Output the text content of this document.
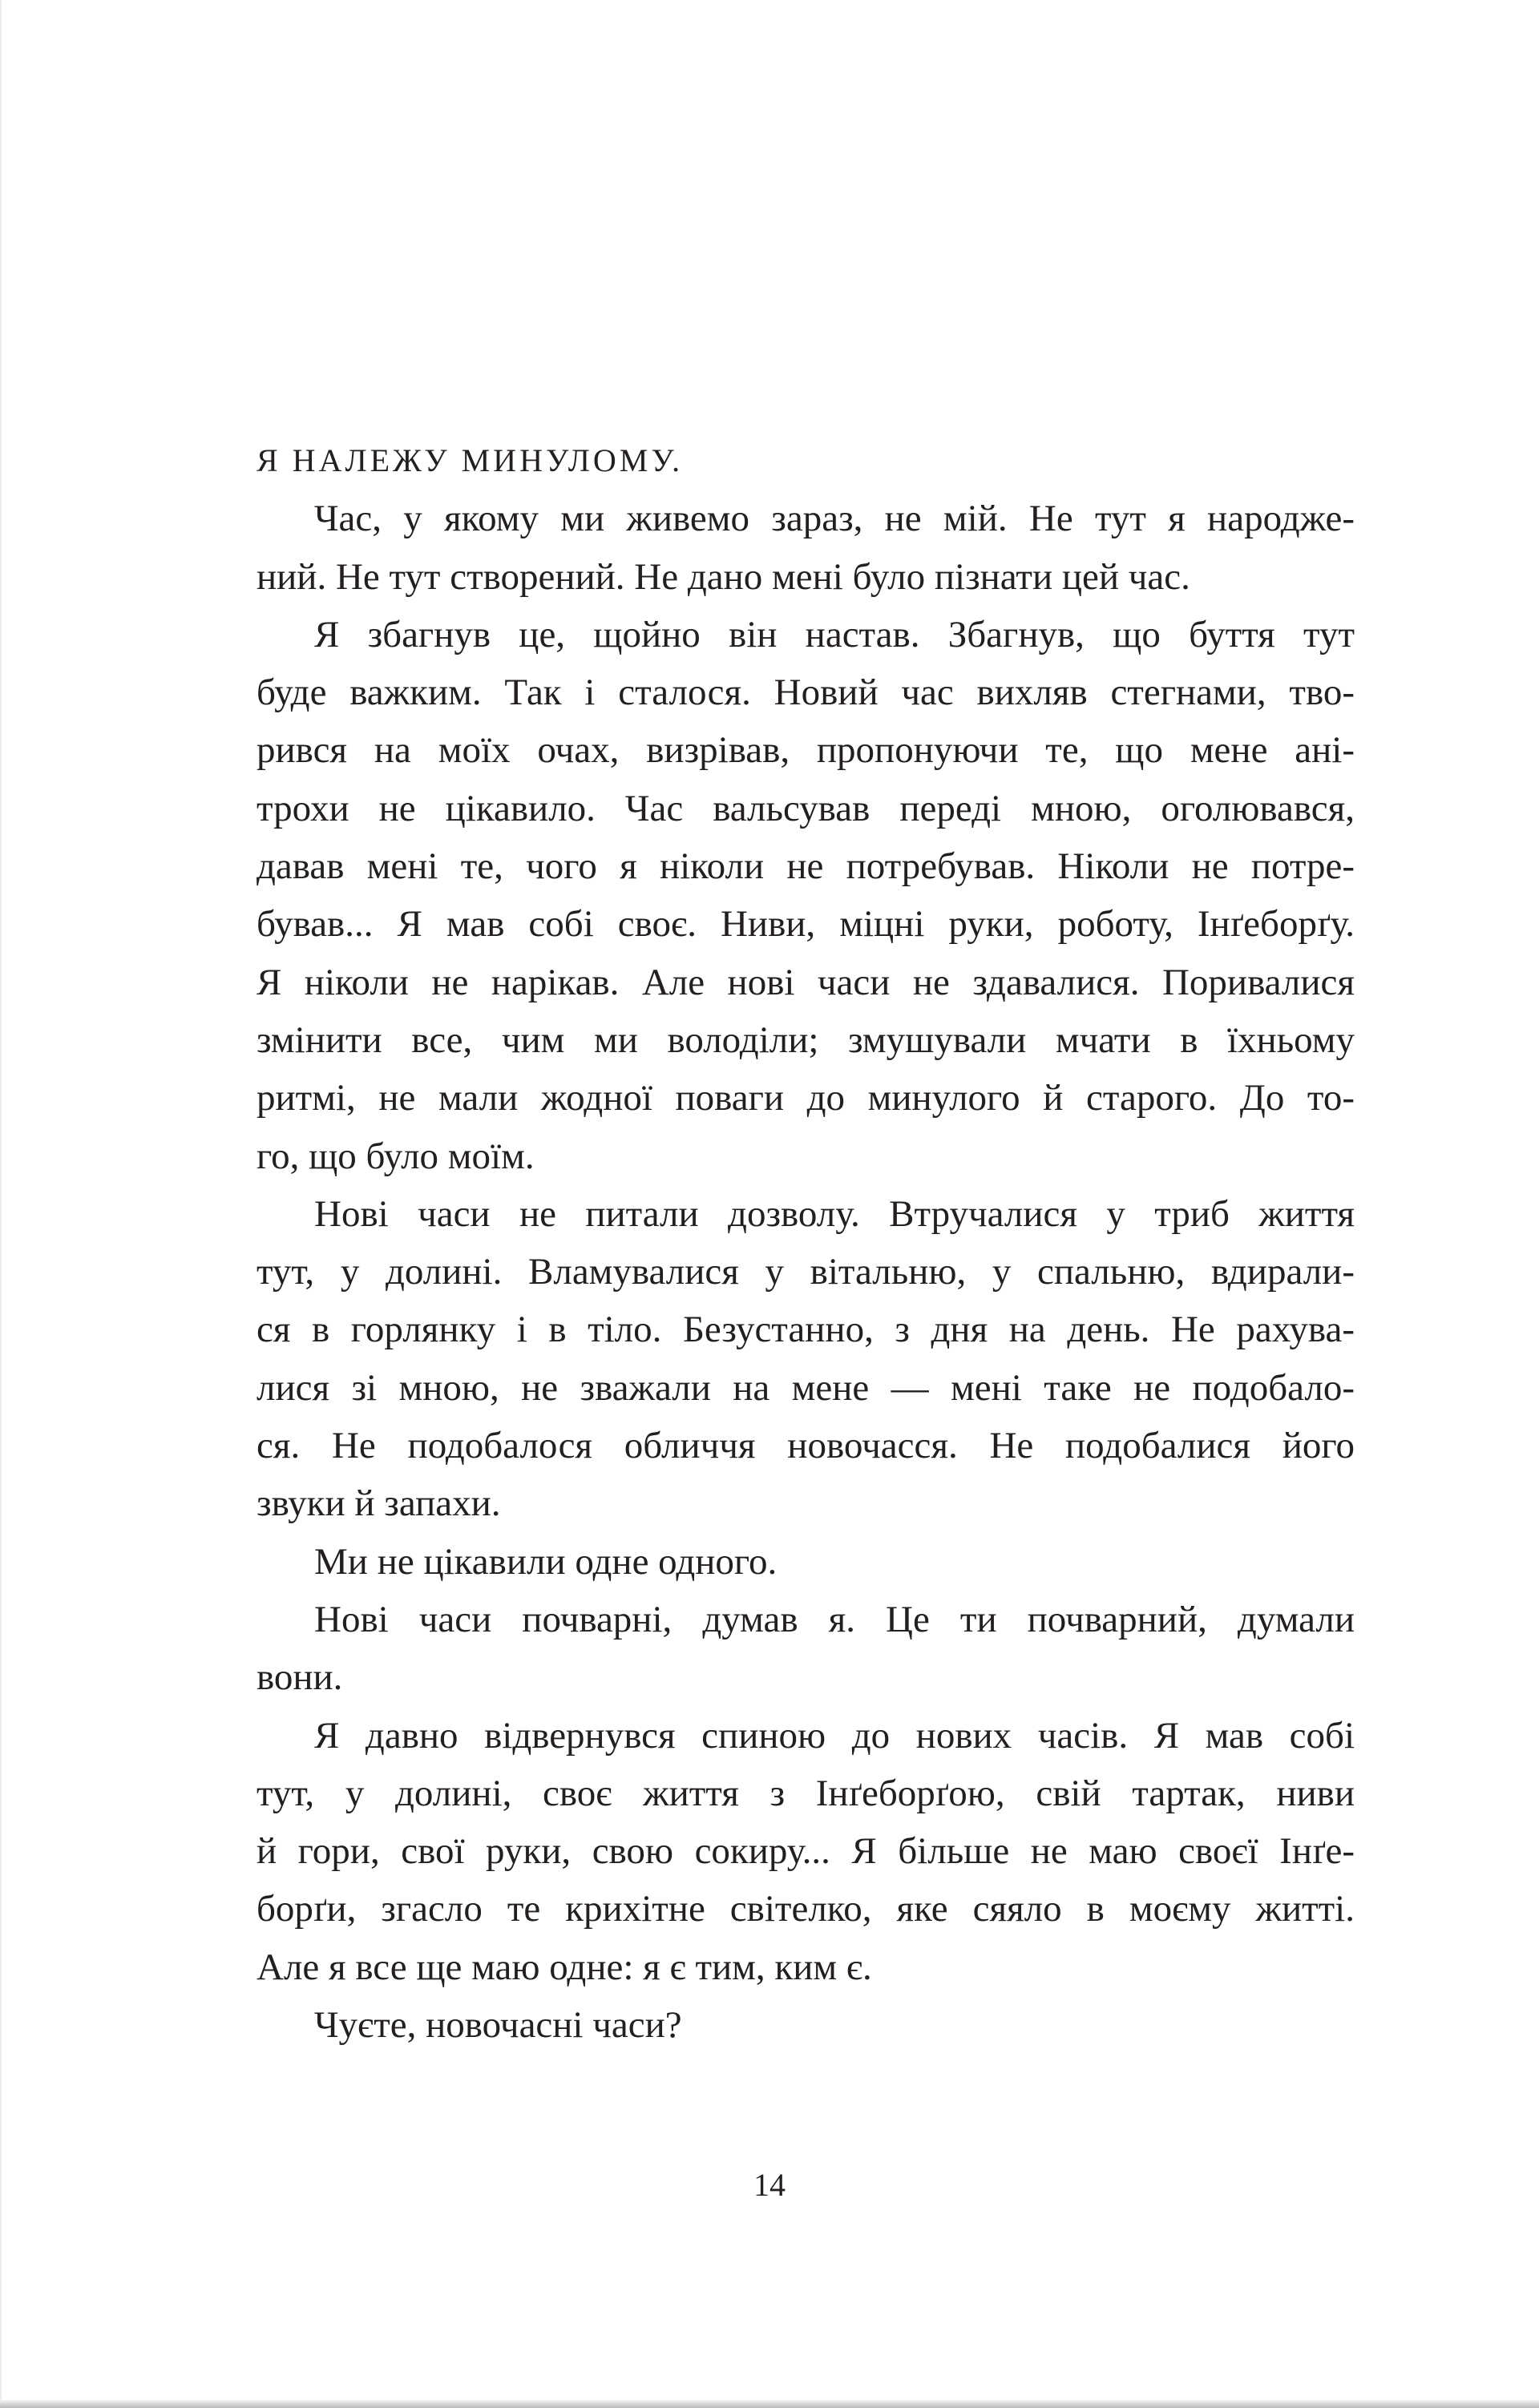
Я НАЛЕЖУ МИНУЛОМУ.
Час, у якому ми живемо зараз, не мій. Не тут я народже-
ний. Не тут створений. Не дано мені було пізнати цей час.
Я збагнув це, щойно він настав. Збагнув, що буття тут
буде важким. Так і сталося. Новий час вихляв стегнами, тво-
рився на моїх очах, визрівав, пропонуючи те, що мене ані-
трохи не цікавило. Час вальсував переді мною, оголювався,
давав мені те, чого я ніколи не потребував. Ніколи не потре-
бував... Я мав собі своє. Ниви, міцні руки, роботу, Інґеборґу.
Я ніколи не нарікав. Але нові часи не здавалися. Поривалися
змінити все, чим ми володіли; змушували мчати в їхньому
ритмі, не мали жодної поваги до минулого й старого. До то-
го, що було моїм.
Нові часи не питали дозволу. Втручалися у триб життя
тут, у долині. Вламувалися у вітальню, у спальню, вдирали-
ся в горлянку і в тіло. Безустанно, з дня на день. Не рахува-
лися зі мною, не зважали на мене — мені таке не подобало-
ся. Не подобалося обличчя новочасся. Не подобалися його
звуки й запахи.
Ми не цікавили одне одного.
Нові часи почварні, думав я. Це ти почварний, думали
вони.
Я давно відвернувся спиною до нових часів. Я мав собі
тут, у долині, своє життя з Інґеборґою, свій тартак, ниви
й гори, свої руки, свою сокиру... Я більше не маю своєї Інґе-
борґи, згасло те крихітне світелко, яке сяяло в моєму житті.
Але я все ще маю одне: я є тим, ким є.
Чуєте, новочасні часи?
14
